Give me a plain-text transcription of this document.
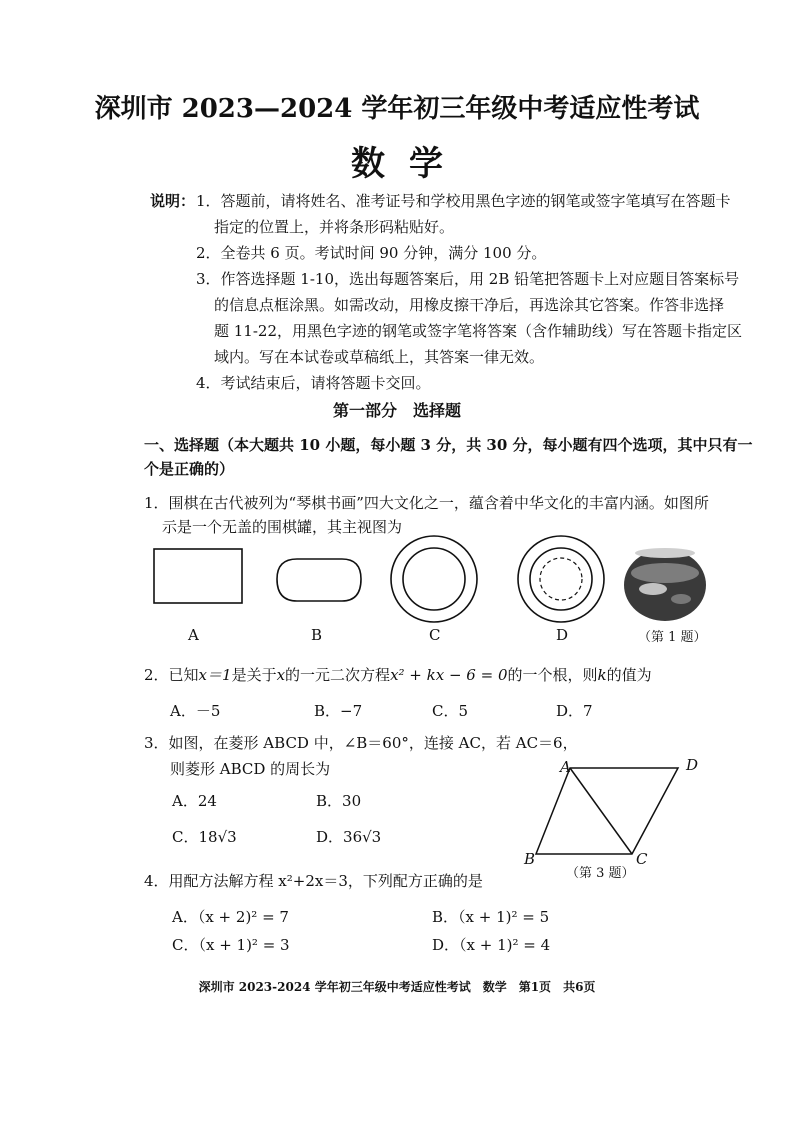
深圳市 2023—2024 学年初三年级中考适应性考试
数学
说明： 1．答题前，请将姓名、准考证号和学校用黑色字迹的钢笔或签字笔填写在答题卡
指定的位置上，并将条形码粘贴好。
2．全卷共 6 页。考试时间 90 分钟，满分 100 分。
3．作答选择题 1-10，选出每题答案后，用 2B 铅笔把答题卡上对应题目答案标号
的信息点框涂黑。如需改动，用橡皮擦干净后，再选涂其它答案。作答非选择
题 11-22，用黑色字迹的钢笔或签字笔将答案（含作辅助线）写在答题卡指定区
域内。写在本试卷或草稿纸上，其答案一律无效。
4．考试结束后，请将答题卡交回。
第一部分　选择题
一、选择题（本大题共 10 小题，每小题 3 分，共 30 分，每小题有四个选项，其中只有一
个是正确的）
1．围棋在古代被列为“琴棋书画”四大文化之一，蕴含着中华文化的丰富内涵。如图所
示是一个无盖的围棋罐，其主视图为
A	B	C	D	（第 1 题）
2．已知x＝1是关于x的一元二次方程x² + kx − 6 = 0的一个根，则k的值为
A．－5	B．−7	C．5	D．7
3．如图，在菱形 ABCD 中，∠B＝60°，连接 AC，若 AC＝6，
则菱形 ABCD 的周长为
A．24	B．30
C．18√3	D．36√3
A
B	C
D
（第 3 题）
4．用配方法解方程 x²+2x＝3，下列配方正确的是
A．（x + 2)² = 7	B．（x + 1)² = 5
C．（x + 1)² = 3	D．（x + 1)² = 4
深圳市 2023-2024 学年初三年级中考适应性考试　数学　第1页　共6页
